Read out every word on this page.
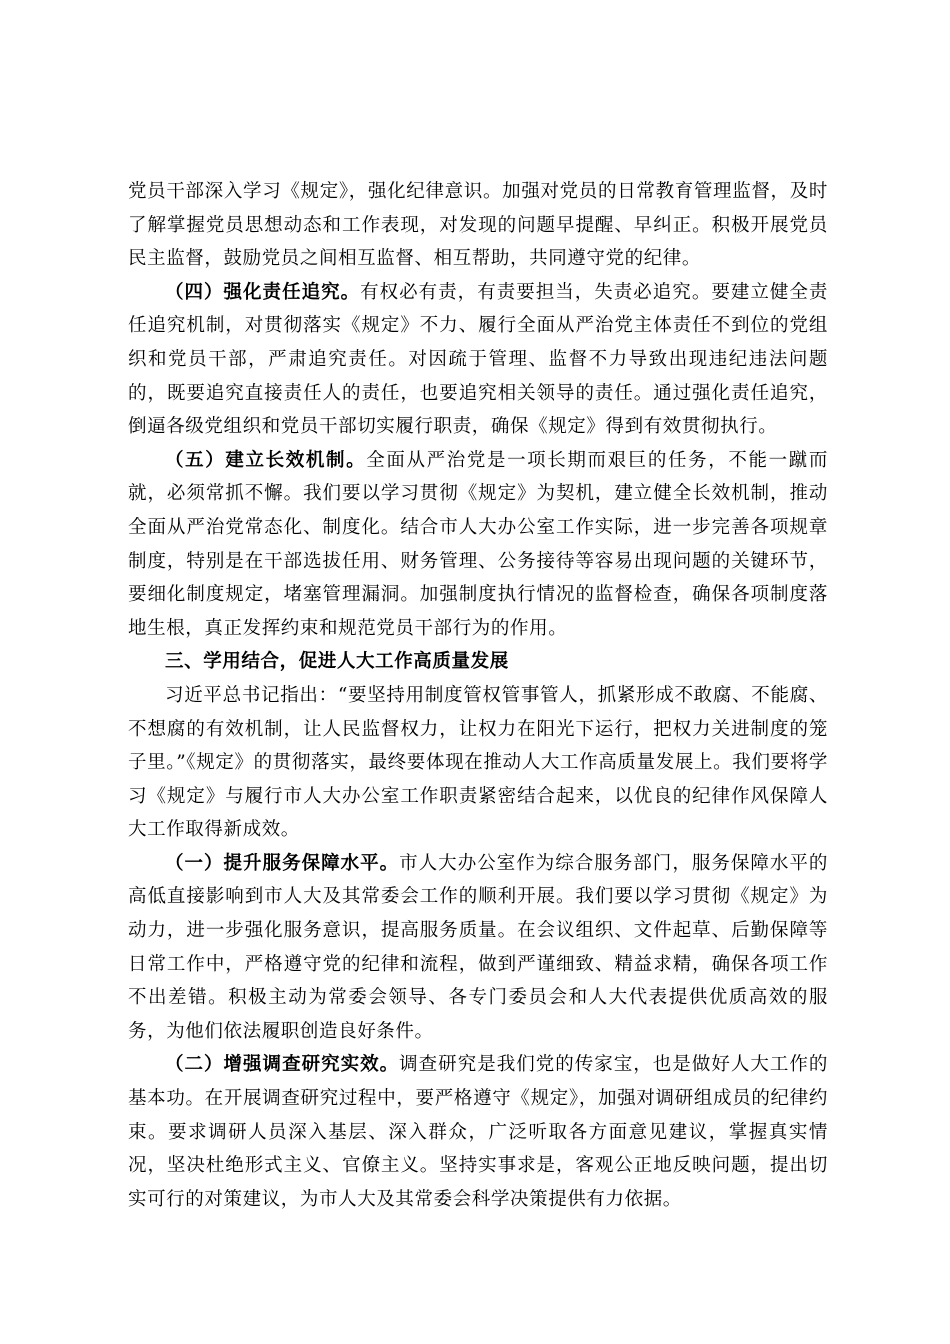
党员干部深入学习《规定》，强化纪律意识。加强对党员的日常教育管理监督，及时了解掌握党员思想动态和工作表现，对发现的问题早提醒、早纠正。积极开展党员民主监督，鼓励党员之间相互监督、相互帮助，共同遵守党的纪律。

（四）强化责任追究。有权必有责，有责要担当，失责必追究。要建立健全责任追究机制，对贯彻落实《规定》不力、履行全面从严治党主体责任不到位的党组织和党员干部，严肃追究责任。对因疏于管理、监督不力导致出现违纪违法问题的，既要追究直接责任人的责任，也要追究相关领导的责任。通过强化责任追究，倒逼各级党组织和党员干部切实履行职责，确保《规定》得到有效贯彻执行。

（五）建立长效机制。全面从严治党是一项长期而艰巨的任务，不能一蹴而就，必须常抓不懈。我们要以学习贯彻《规定》为契机，建立健全长效机制，推动全面从严治党常态化、制度化。结合市人大办公室工作实际，进一步完善各项规章制度，特别是在干部选拔任用、财务管理、公务接待等容易出现问题的关键环节，要细化制度规定，堵塞管理漏洞。加强制度执行情况的监督检查，确保各项制度落地生根，真正发挥约束和规范党员干部行为的作用。

三、学用结合，促进人大工作高质量发展

习近平总书记指出：“要坚持用制度管权管事管人，抓紧形成不敢腐、不能腐、不想腐的有效机制，让人民监督权力，让权力在阳光下运行，把权力关进制度的笼子里。”《规定》的贯彻落实，最终要体现在推动人大工作高质量发展上。我们要将学习《规定》与履行市人大办公室工作职责紧密结合起来，以优良的纪律作风保障人大工作取得新成效。

（一）提升服务保障水平。市人大办公室作为综合服务部门，服务保障水平的高低直接影响到市人大及其常委会工作的顺利开展。我们要以学习贯彻《规定》为动力，进一步强化服务意识，提高服务质量。在会议组织、文件起草、后勤保障等日常工作中，严格遵守党的纪律和流程，做到严谨细致、精益求精，确保各项工作不出差错。积极主动为常委会领导、各专门委员会和人大代表提供优质高效的服务，为他们依法履职创造良好条件。

（二）增强调查研究实效。调查研究是我们党的传家宝，也是做好人大工作的基本功。在开展调查研究过程中，要严格遵守《规定》，加强对调研组成员的纪律约束。要求调研人员深入基层、深入群众，广泛听取各方面意见建议，掌握真实情况，坚决杜绝形式主义、官僚主义。坚持实事求是，客观公正地反映问题，提出切实可行的对策建议，为市人大及其常委会科学决策提供有力依据。
